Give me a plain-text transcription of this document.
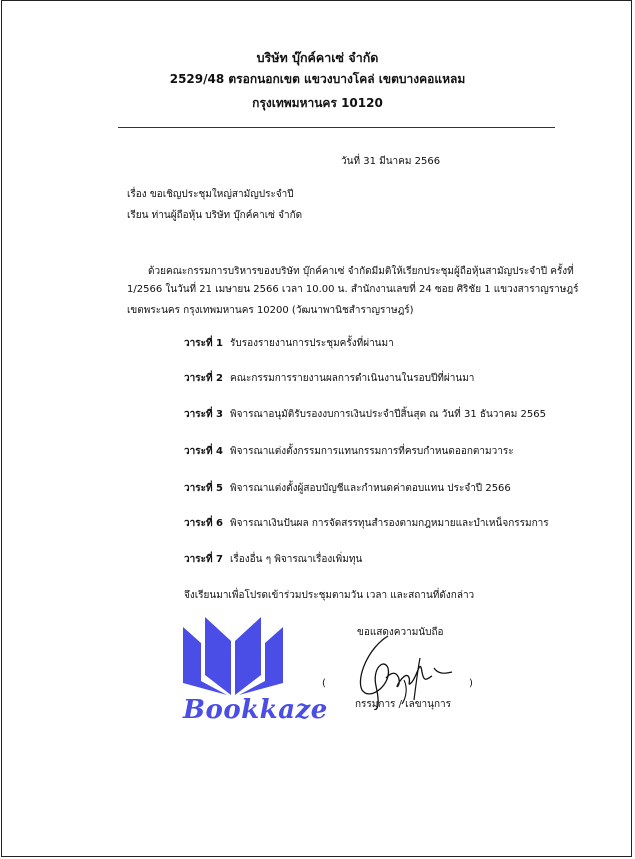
บริษัท บุ๊กค์คาเซ่ จำกัด
2529/48 ตรอกนอกเขต แขวงบางโคล่ เขตบางคอแหลม
กรุงเทพมหานคร 10120
วันที่ 31 มีนาคม 2566
เรื่อง ขอเชิญประชุมใหญ่สามัญประจำปี
เรียน ท่านผู้ถือหุ้น บริษัท บุ๊กค์คาเซ่ จำกัด
ด้วยคณะกรรมการบริหารของบริษัท บุ๊กค์คาเซ่ จำกัดมีมติให้เรียกประชุมผู้ถือหุ้นสามัญประจำปี ครั้งที่
1/2566 ในวันที่ 21 เมษายน 2566 เวลา 10.00 น. สำนักงานเลขที่ 24 ซอย ศิริชัย 1 แขวงสาราญราษฎร์
เขตพระนคร กรุงเทพมหานคร 10200 (วัฒนาพานิชสำราญราษฎร์)
วาระที่ 1 รับรองรายงานการประชุมครั้งที่ผ่านมา
วาระที่ 2 คณะกรรมการรายงานผลการดำเนินงานในรอบปีที่ผ่านมา
วาระที่ 3 พิจารณาอนุมัติรับรองงบการเงินประจำปีสิ้นสุด ณ วันที่ 31 ธันวาคม 2565
วาระที่ 4 พิจารณาแต่งตั้งกรรมการแทนกรรมการที่ครบกำหนดออกตามวาระ
วาระที่ 5 พิจารณาแต่งตั้งผู้สอบบัญชีและกำหนดค่าตอบแทน ประจำปี 2566
วาระที่ 6 พิจารณาเงินปันผล การจัดสรรทุนสำรองตามกฎหมายและบำเหน็จกรรมการ
วาระที่ 7 เรื่องอื่น ๆ พิจารณาเรื่องเพิ่มทุน
จึงเรียนมาเพื่อโปรดเข้าร่วมประชุมตามวัน เวลา และสถานที่ดังกล่าว
Bookkaze
ขอแสดงความนับถือ
(	)
กรรมการ / เลขานุการ
